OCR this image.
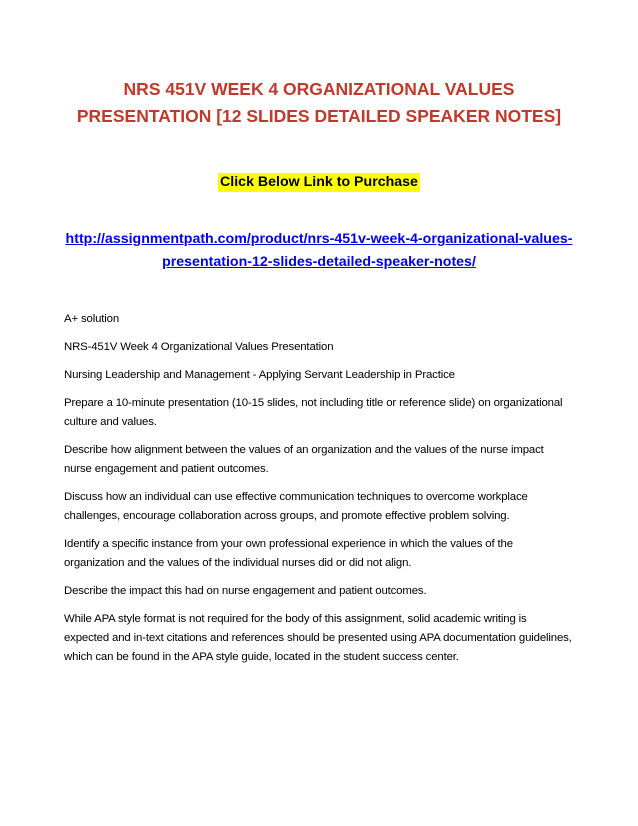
NRS 451V WEEK 4 ORGANIZATIONAL VALUES PRESENTATION [12 SLIDES DETAILED SPEAKER NOTES]
Click Below Link to Purchase
http://assignmentpath.com/product/nrs-451v-week-4-organizational-values-presentation-12-slides-detailed-speaker-notes/

A+ solution

NRS-451V Week 4 Organizational Values Presentation

Nursing Leadership and Management - Applying Servant Leadership in Practice

Prepare a 10-minute presentation (10-15 slides, not including title or reference slide) on organizational culture and values.

Describe how alignment between the values of an organization and the values of the nurse impact nurse engagement and patient outcomes.

Discuss how an individual can use effective communication techniques to overcome workplace challenges, encourage collaboration across groups, and promote effective problem solving.

Identify a specific instance from your own professional experience in which the values of the organization and the values of the individual nurses did or did not align.

Describe the impact this had on nurse engagement and patient outcomes.

While APA style format is not required for the body of this assignment, solid academic writing is expected and in-text citations and references should be presented using APA documentation guidelines, which can be found in the APA style guide, located in the student success center.
